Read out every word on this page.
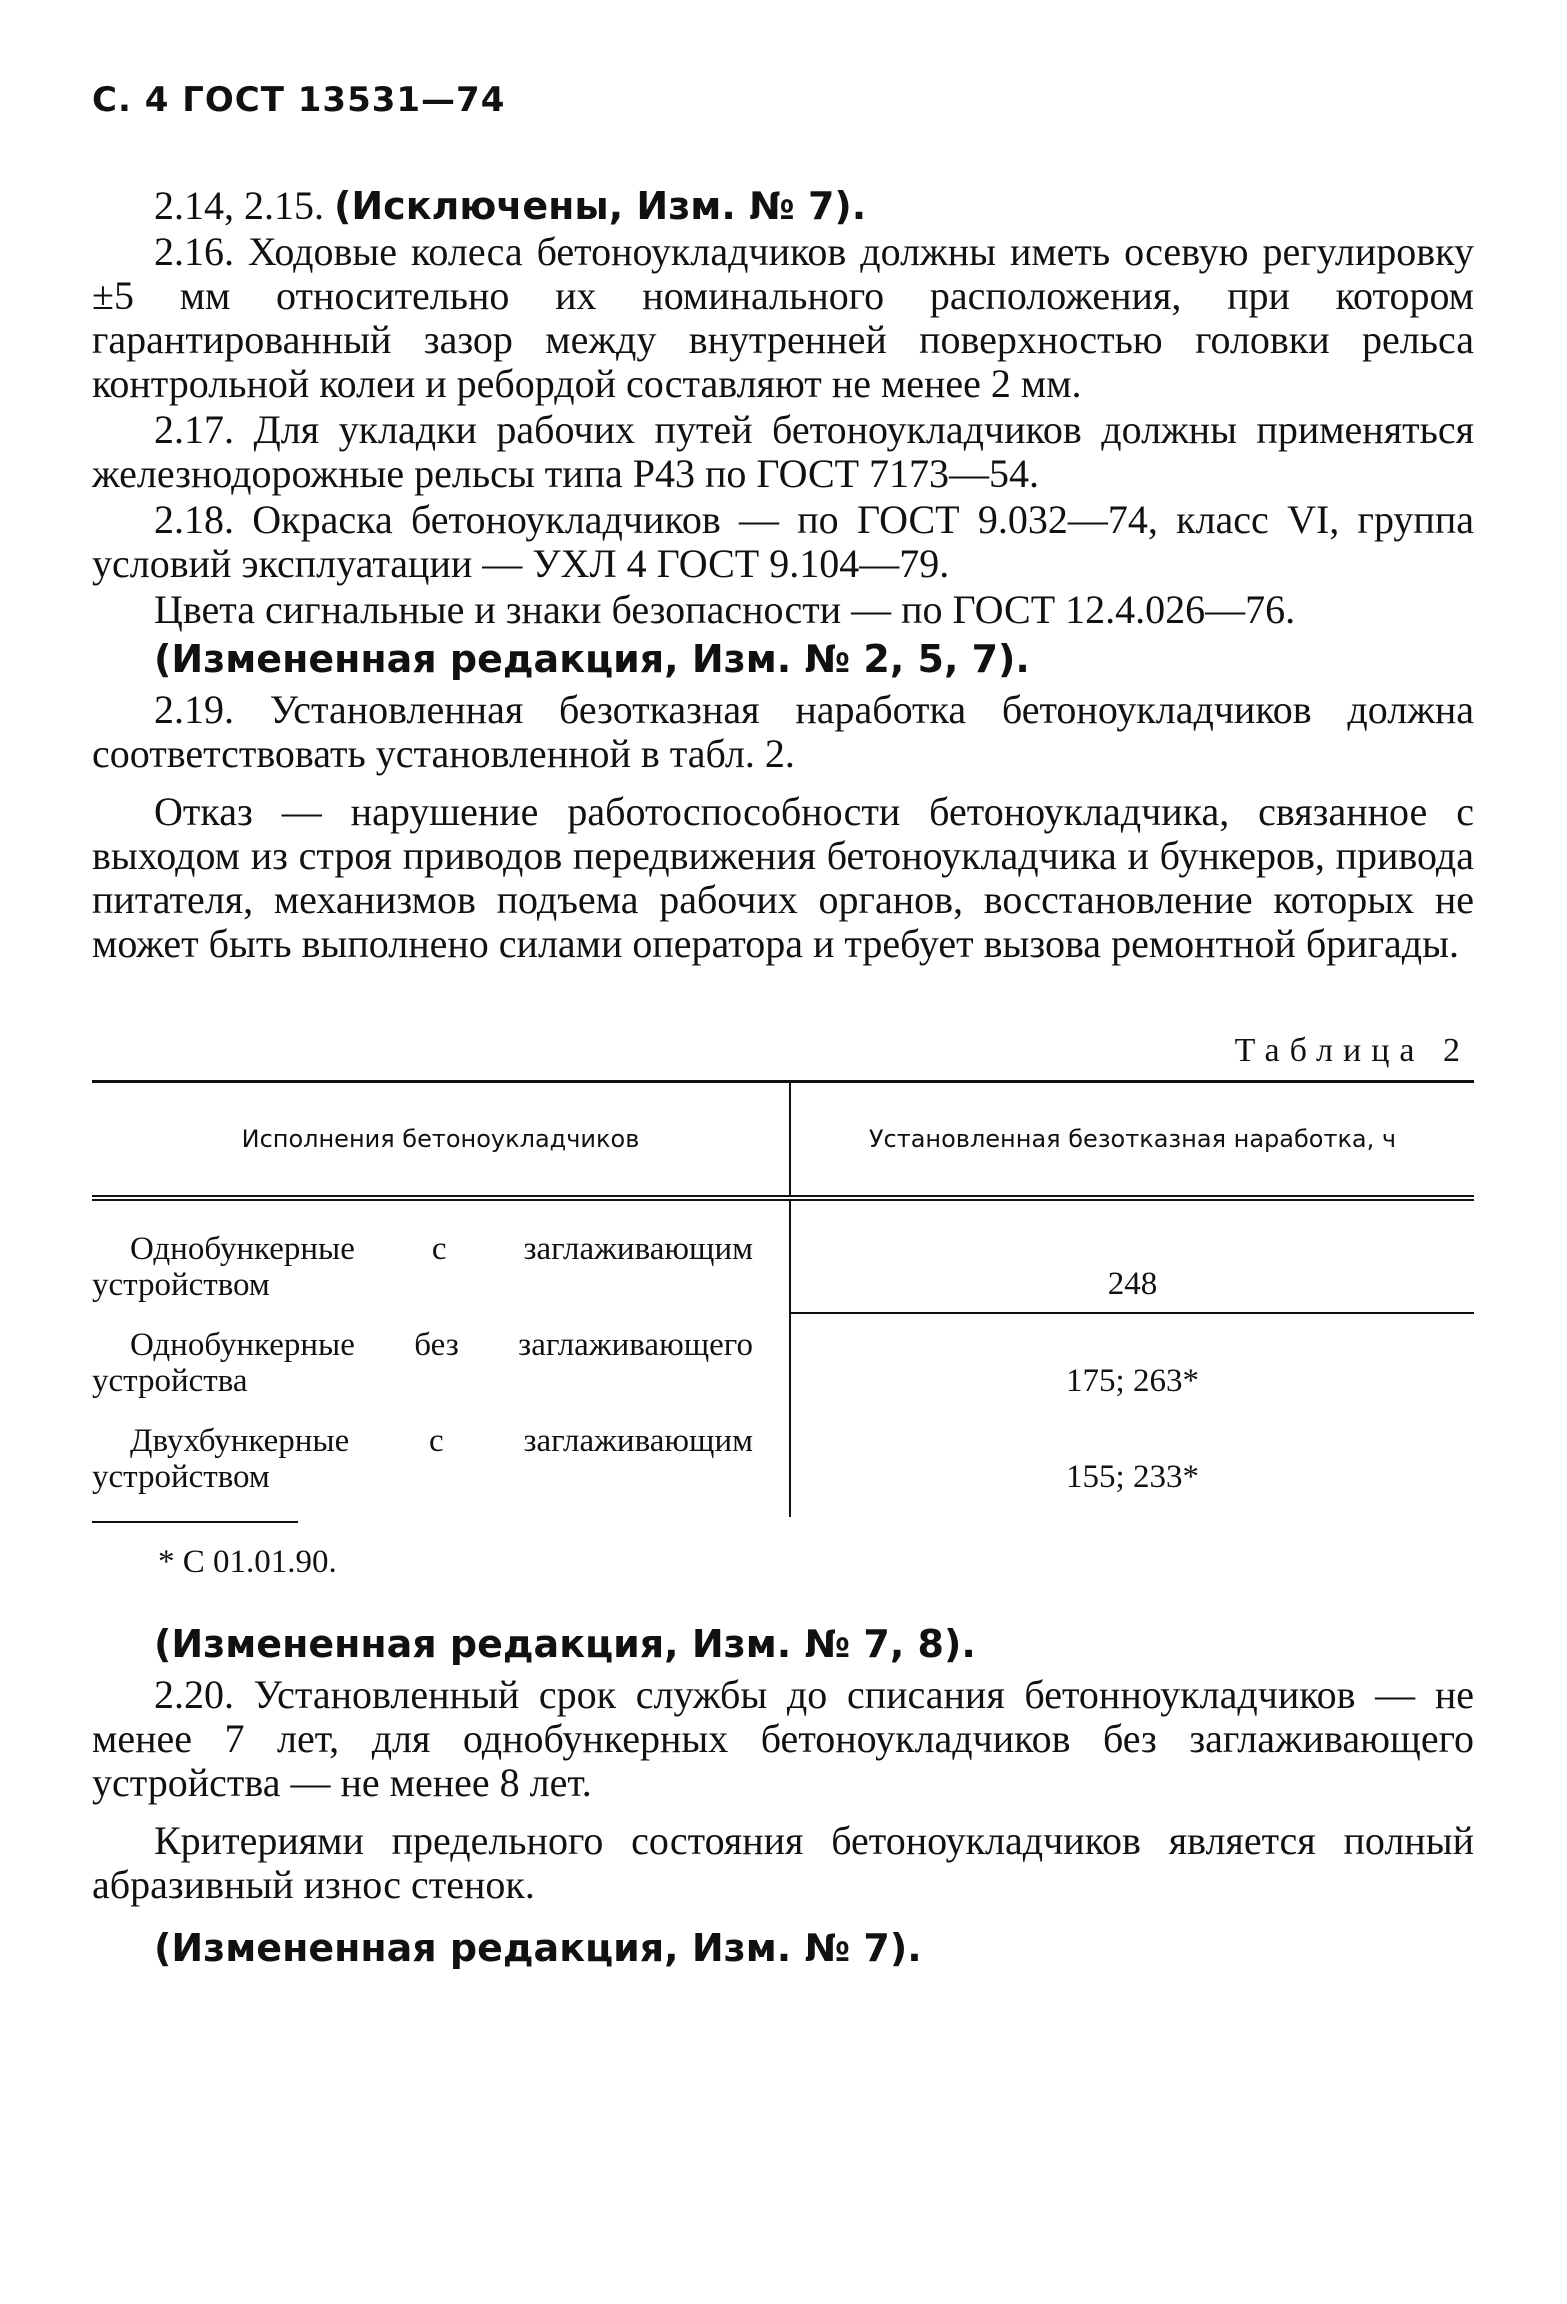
С. 4 ГОСТ 13531—74

2.14, 2.15. (Исключены, Изм. № 7).

2.16. Ходовые колеса бетоноукладчиков должны иметь осевую регулировку ±5 мм относительно их номинального расположения, при котором гарантированный зазор между внутренней поверхностью головки рельса контрольной колеи и ребордой составляют не менее 2 мм.

2.17. Для укладки рабочих путей бетоноукладчиков должны применяться железнодорожные рельсы типа Р43 по ГОСТ 7173—54.

2.18. Окраска бетоноукладчиков — по ГОСТ 9.032—74, класс VI, группа условий эксплуатации — УХЛ 4 ГОСТ 9.104—79.

Цвета сигнальные и знаки безопасности — по ГОСТ 12.4.026—76.

(Измененная редакция, Изм. № 2, 5, 7).

2.19. Установленная безотказная наработка бетоноукладчиков должна соответствовать установленной в табл. 2.

Отказ — нарушение работоспособности бетоноукладчика, связанное с выходом из строя приводов передвижения бетоноукладчика и бункеров, привода питателя, механизмов подъема рабочих органов, восстановление которых не может быть выполнено силами оператора и требует вызова ремонтной бригады.

Таблица 2
Исполнения бетоноукладчиков	Установленная безотказная наработка, ч

Однобункерные с заглаживающим устройством	248

Однобункерные без заглаживающего устройства	175; 263*

Двухбункерные с заглаживающим устройством	155; 233*

* С 01.01.90.

(Измененная редакция, Изм. № 7, 8).

2.20. Установленный срок службы до списания бетонноукладчиков — не менее 7 лет, для однобункерных бетоноукладчиков без заглаживающего устройства — не менее 8 лет.

Критериями предельного состояния бетоноукладчиков является полный абразивный износ стенок.

(Измененная редакция, Изм. № 7).
